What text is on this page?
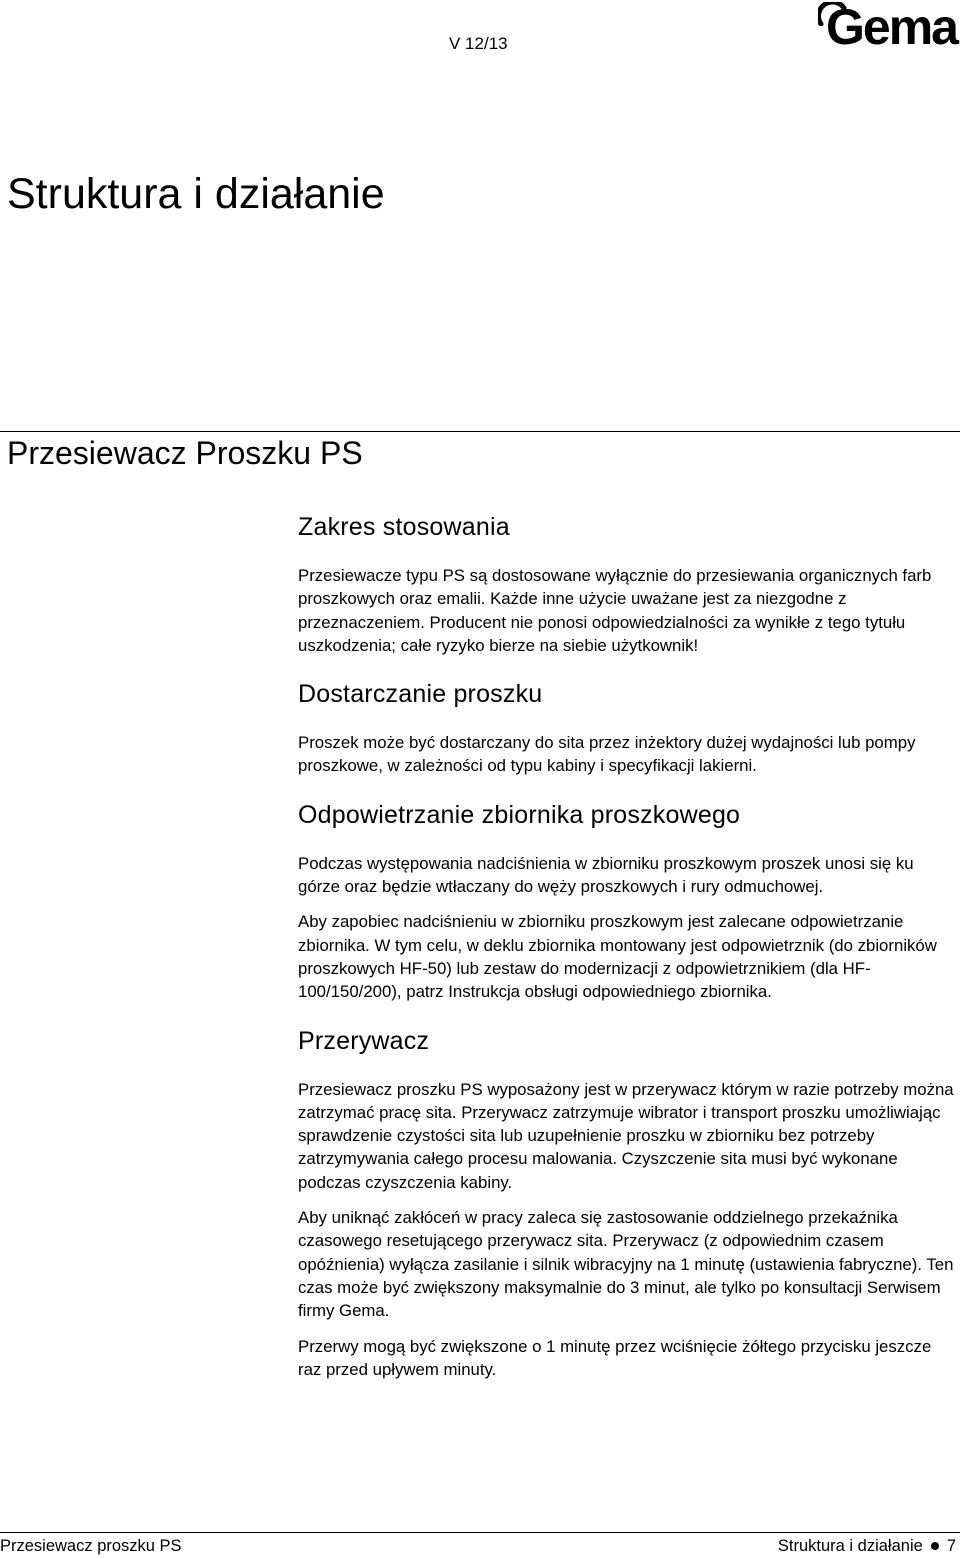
V 12/13	Gema
Struktura i działanie
Przesiewacz Proszku PS
Zakres stosowania

Przesiewacze typu PS są dostosowane wyłącznie do przesiewania organicznych farb proszkowych oraz emalii. Każde inne użycie uważane jest za niezgodne z przeznaczeniem. Producent nie ponosi odpowiedzialności za wynikłe z tego tytułu uszkodzenia; całe ryzyko bierze na siebie użytkownik!

Dostarczanie proszku

Proszek może być dostarczany do sita przez inżektory dużej wydajności lub pompy proszkowe, w zależności od typu kabiny i specyfikacji lakierni.

Odpowietrzanie zbiornika proszkowego

Podczas występowania nadciśnienia w zbiorniku proszkowym proszek unosi się ku górze oraz będzie wtłaczany do węży proszkowych i rury odmuchowej.

Aby zapobiec nadciśnieniu w zbiorniku proszkowym jest zalecane odpowietrzanie zbiornika. W tym celu, w deklu zbiornika montowany jest odpowietrznik (do zbiorników proszkowych HF-50) lub zestaw do modernizacji z odpowietrznikiem (dla HF-100/150/200), patrz Instrukcja obsługi odpowiedniego zbiornika.

Przerywacz

Przesiewacz proszku PS wyposażony jest w przerywacz którym w razie potrzeby można zatrzymać pracę sita. Przerywacz zatrzymuje wibrator i transport proszku umożliwiając sprawdzenie czystości sita lub uzupełnienie proszku w zbiorniku bez potrzeby zatrzymywania całego procesu malowania. Czyszczenie sita musi być wykonane podczas czyszczenia kabiny.

Aby uniknąć zakłóceń w pracy zaleca się zastosowanie oddzielnego przekaźnika czasowego resetującego przerywacz sita. Przerywacz (z odpowiednim czasem opóźnienia) wyłącza zasilanie i silnik wibracyjny na 1 minutę (ustawienia fabryczne). Ten czas może być zwiększony maksymalnie do 3 minut, ale tylko po konsultacji Serwisem firmy Gema.

Przerwy mogą być zwiększone o 1 minutę przez wciśnięcie żółtego przycisku jeszcze raz przed upływem minuty.

Przesiewacz proszku PS	Struktura i działanie 7
